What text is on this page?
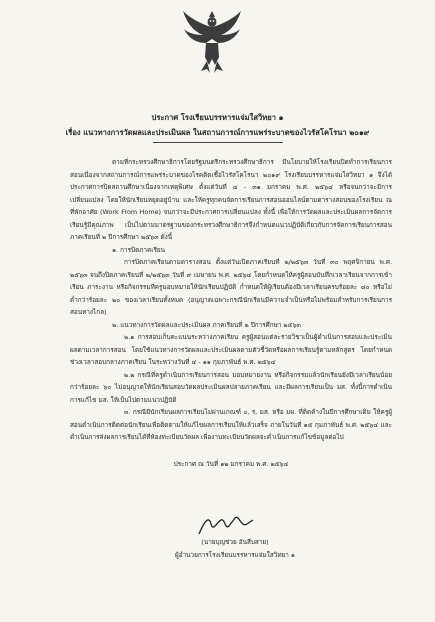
ประกาศ โรงเรียนบรรหารแจ่มใสวิทยา ๑
เรื่อง แนวทางการวัดผลและประเมินผล ในสถานการณ์การแพร่ระบาดของไวรัสโคโรนา ๒๐๑๙

ตามที่กระทรวงศึกษาธิการโดยรัฐมนตรีกระทรวงศึกษาธิการ มีนโยบายให้โรงเรียนปิดทำการเรียนการสอนเนื่องจากสถานการณ์การแพร่ระบาดของโรคติดเชื้อไวรัสโคโรนา ๒๐๑๙ โรงเรียนบรรหารแจ่มใสวิทยา ๑ จึงได้ประกาศการปิดสถานศึกษาเนื่องจากเหตุพิเศษ ตั้งแต่วันที่ ๔ - ๓๑ มกราคม พ.ศ. ๒๕๖๔ หรือจนกว่าจะมีการเปลี่ยนแปลง โดยให้นักเรียนหยุดอยู่บ้าน และให้ครูทุกคนจัดการเรียนการสอนออนไลน์ตามตารางสอนของโรงเรียน ณ ที่พักอาศัย (Work From Home) จนกว่าจะมีประกาศการเปลี่ยนแปลง ทั้งนี้ เพื่อให้การวัดผลและประเมินผลการจัดการเรียนรู้มีคุณภาพ เป็นไปตามมาตรฐานของกระทรวงศึกษาธิการจึงกำหนดแนวปฏิบัติเกี่ยวกับการจัดการเรียนการสอน ภาคเรียนที่ ๒ ปีการศึกษา ๒๕๖๓ ดังนี้

๑. การปิดภาคเรียน

การปิดภาคเรียนตามตารางสอน ตั้งแต่วันเปิดภาคเรียนที่ ๒/๒๕๖๓ วันที่ ๓๐ พฤศจิกายน พ.ศ. ๒๕๖๓ จนถึงปิดภาคเรียนที่ ๒/๒๕๖๓ วันที่ ๙ เมษายน พ.ศ. ๒๕๖๔ โดยกำหนดให้ครูผู้สอนบันทึกเวลาเรียนจากการเข้าเรียน ภาระงาน หรือกิจกรรมที่ครูมอบหมายให้นักเรียนปฏิบัติ กำหนดให้ผู้เรียนต้องมีเวลาเรียนครบร้อยละ ๘๐ หรือไม่ต่ำกว่าร้อยละ ๒๐ ของเวลาเรียนทั้งหมด (อนุญาตเฉพาะกรณีนักเรียนมีความจำเป็นหรือไม่พร้อมสำหรับการเรียนการสอนทางไกล)

๒. แนวทางการวัดผลและประเมินผล ภาคเรียนที่ ๒ ปีการศึกษา ๒๕๖๓

๒.๑ การสอบเก็บคะแนนระหว่างภาคเรียน ครูผู้สอนแต่ละรายวิชาเป็นผู้ดำเนินการสอบและประเมินผลตามเวลาการสอน โดยใช้แนวทางการวัดผลและประเมินผลตามตัวชี้วัดหรือผลการเรียนรู้ตามหลักสูตร โดยกำหนดช่วงเวลาสอบกลางภาคเรียน ในระหว่างวันที่ ๔ - ๑๑ กุมภาพันธ์ พ.ศ. ๒๕๖๔

๒.๒ กรณีที่ครูดำเนินการเรียนการสอน มอบหมายงาน หรือกิจกรรมแล้วนักเรียนยังมีเวลาเรียนน้อยกว่าร้อยละ ๖๐ ไม่อนุญาตให้นักเรียนสอบวัดผลประเมินผลปลายภาคเรียน และมีผลการเรียนเป็น มส. ทั้งนี้การดำเนินการแก้ไข มส. ให้เป็นไปตามแนวปฏิบัติ

๓. กรณีมีนักเรียนผลการเรียนไม่ผ่านเกณฑ์ ๐, ร, มส. หรือ มผ. ที่ติดค้างในปีการศึกษาเดิม ให้ครูผู้สอนดำเนินการติดต่อนักเรียนเพื่อติดตามให้แก้ไขผลการเรียนให้แล้วเสร็จ ภายในวันที่ ๑๕ กุมภาพันธ์ พ.ศ. ๒๕๖๔ และดำเนินการส่งผลการเรียนได้ที่ห้องทะเบียนวัดผล เพื่องานทะเบียนวัดผลจะดำเนินการแก้ไขข้อมูลต่อไป

ประกาศ ณ วันที่ ๑๒ มกราคม พ.ศ. ๒๕๖๔

(นายบุญช่วย อันสืบสาย)
ผู้อำนวยการโรงเรียนบรรหารแจ่มใสวิทยา ๑
